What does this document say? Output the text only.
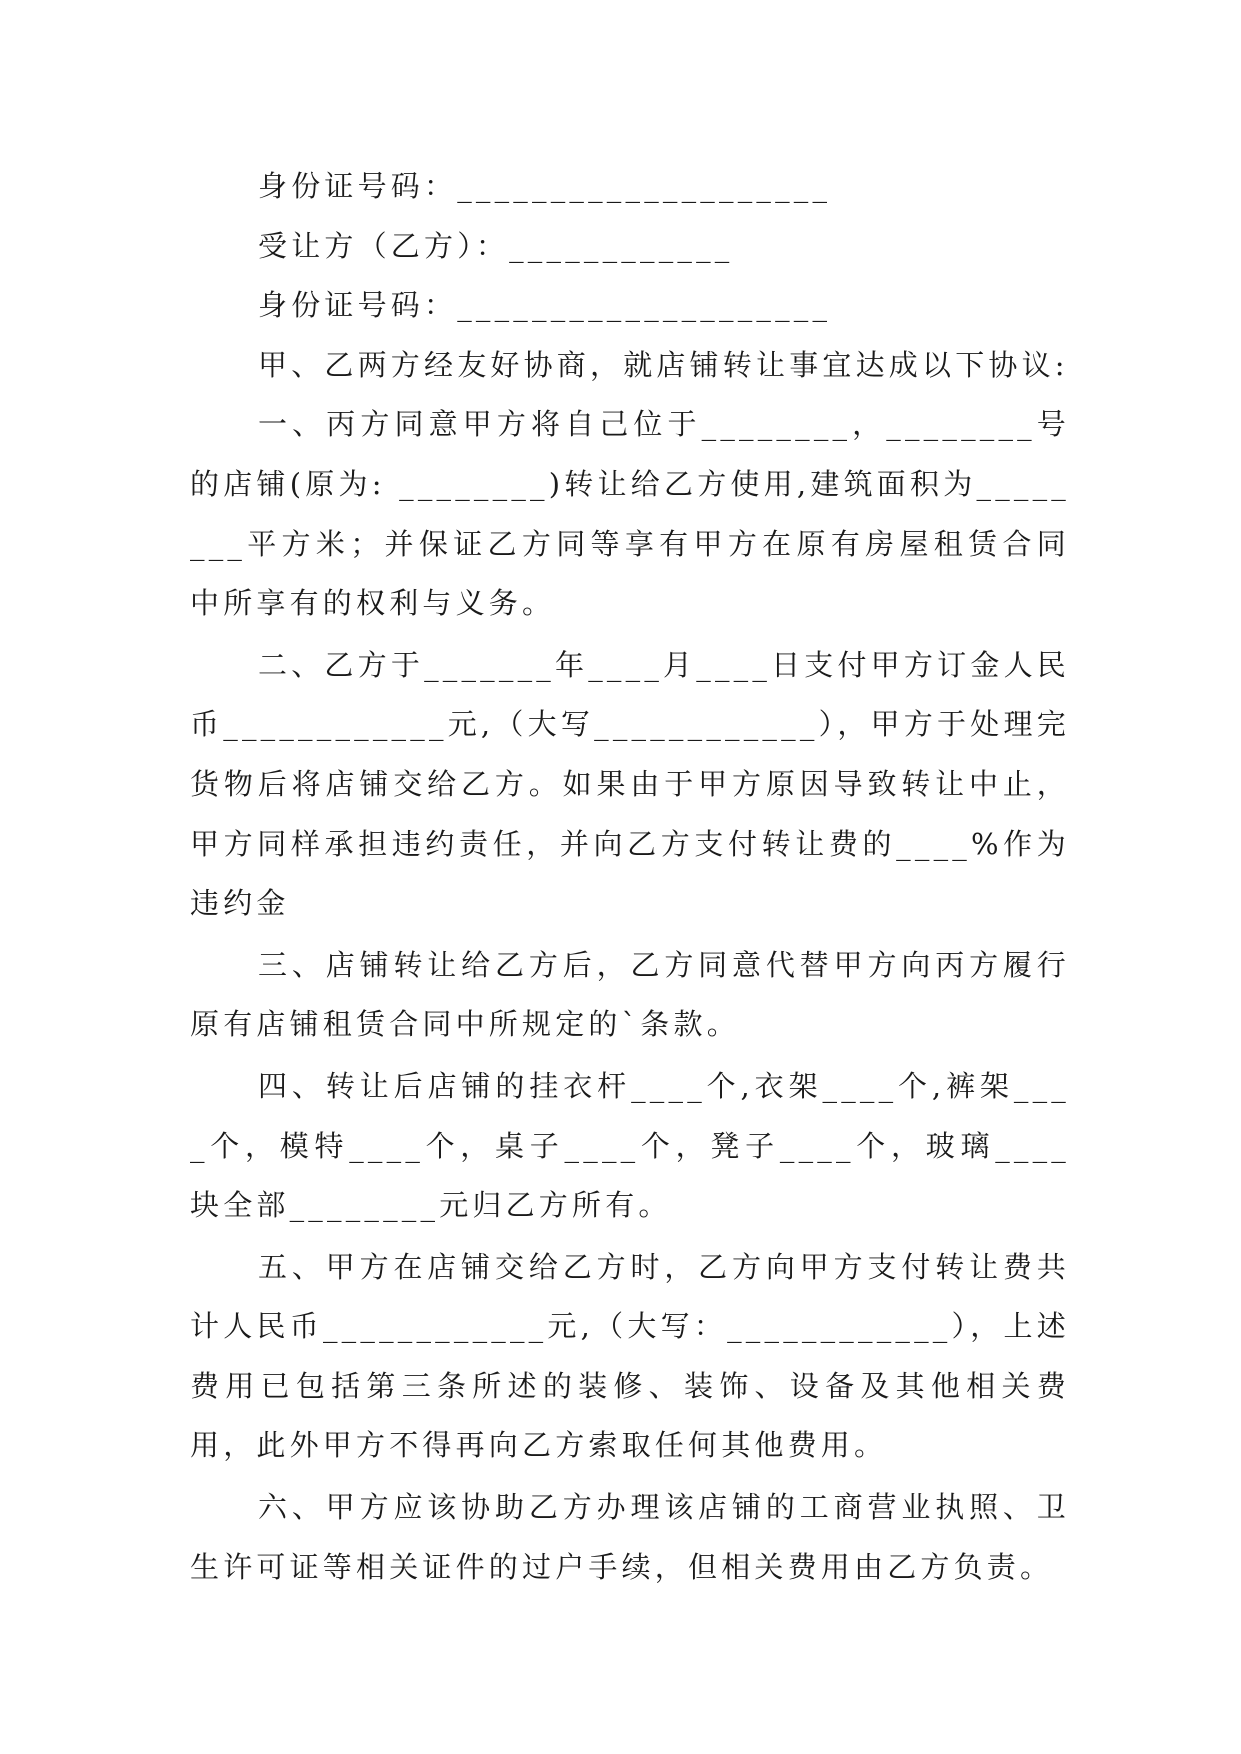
身份证号码：____________________

受让方（乙方）：____________

身份证号码：____________________

甲、乙两方经友好协商，就店铺转让事宜达成以下协议:

一、丙方同意甲方将自己位于________，________号的店铺(原为: ________)转让给乙方使用,建筑面积为________平方米；并保证乙方同等享有甲方在原有房屋租赁合同中所享有的权利与义务。

二、乙方于_______年____月____日支付甲方订金人民币____________元,（大写____________），甲方于处理完货物后将店铺交给乙方。如果由于甲方原因导致转让中止，甲方同样承担违约责任，并向乙方支付转让费的____%作为违约金

三、店铺转让给乙方后，乙方同意代替甲方向丙方履行原有店铺租赁合同中所规定的`条款。

四、转让后店铺的挂衣杆____个,衣架____个,裤架____个，模特____个，桌子____个，凳子____个，玻璃____块全部________元归乙方所有。

五、甲方在店铺交给乙方时，乙方向甲方支付转让费共计人民币____________元,（大写：____________），上述费用已包括第三条所述的装修、装饰、设备及其他相关费用，此外甲方不得再向乙方索取任何其他费用。

六、甲方应该协助乙方办理该店铺的工商营业执照、卫生许可证等相关证件的过户手续，但相关费用由乙方负责。
